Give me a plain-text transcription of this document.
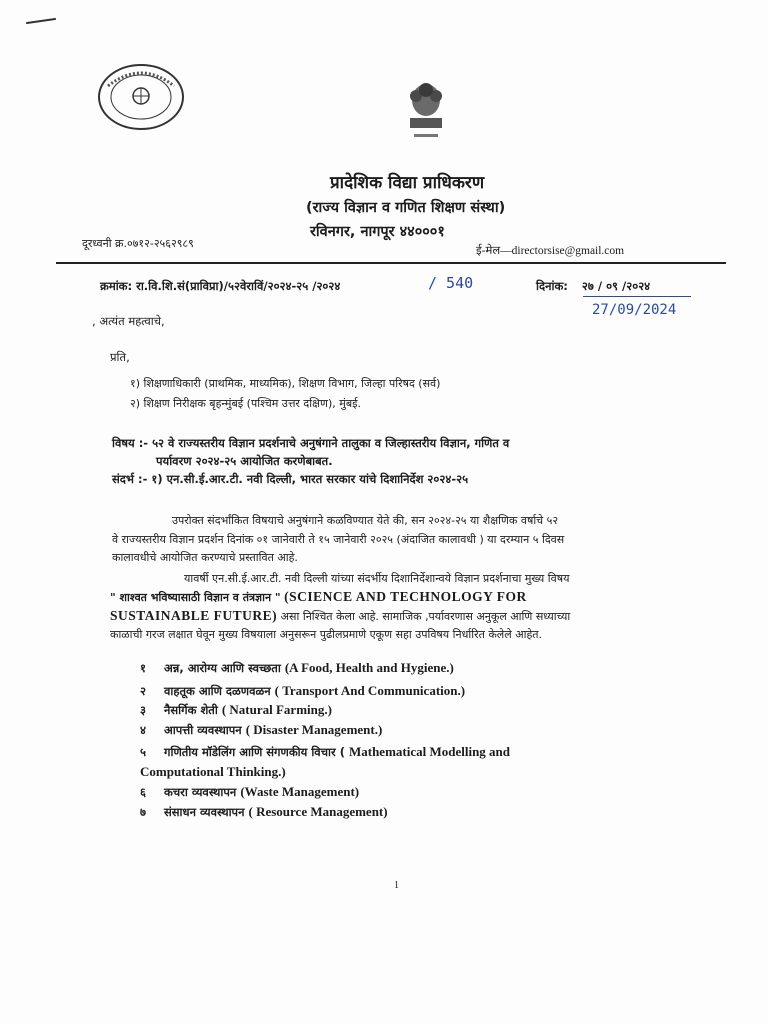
प्रादेशिक विद्या प्राधिकरण
(राज्य विज्ञान व गणित शिक्षण संस्था)
रविनगर, नागपूर ४४०००१
दूरध्वनी क्र.०७१२-२५६२९८९
ई-मेल—directorsise@gmail.com
क्रमांक: रा.वि.शि.सं(प्राविप्रा)/५२वेराविं/२०२४-२५ /२०२४	/ 540	दिनांक: २७ / ०९ /२०२४
27/09/2024
, अत्यंत महत्वाचे,
प्रति,
१) शिक्षणाधिकारी (प्राथमिक, माध्यमिक), शिक्षण विभाग, जिल्हा परिषद (सर्व)
२) शिक्षण निरीक्षक बृहन्मुंबई (पश्चिम उत्तर दक्षिण), मुंबई.
विषय :- ५२ वे राज्यस्तरीय विज्ञान प्रदर्शनाचे अनुषंगाने तालुका व जिल्हास्तरीय विज्ञान, गणित व
पर्यावरण २०२४-२५ आयोजित करणेबाबत.
संदर्भ :- १) एन.सी.ई.आर.टी. नवी दिल्ली, भारत सरकार यांचे दिशानिर्देश २०२४-२५
उपरोक्त संदर्भांकित विषयाचे अनुषंगाने कळविण्यात येते की, सन २०२४-२५ या शैक्षणिक वर्षाचे ५२
वे राज्यस्तरीय विज्ञान प्रदर्शन दिनांक ०१ जानेवारी ते १५ जानेवारी २०२५ (अंदाजित कालावधी ) या दरम्यान ५ दिवस
कालावधीचे आयोजित करण्याचे प्रस्तावित आहे.
यावर्षी एन.सी.ई.आर.टी. नवी दिल्ली यांच्या संदर्भीय दिशानिर्देशान्वये विज्ञान प्रदर्शनाचा मुख्य विषय
" शाश्वत भविष्यासाठी विज्ञान व तंत्रज्ञान " (SCIENCE AND TECHNOLOGY FOR
SUSTAINABLE FUTURE) असा निश्चित केला आहे. सामाजिक ,पर्यावरणास अनुकूल आणि सध्याच्या
काळाची गरज लक्षात घेवून मुख्य विषयाला अनुसरून पुढीलप्रमाणे एकूण सहा उपविषय निर्धारित केलेले आहेत.
१ अन्न, आरोग्य आणि स्वच्छता (A Food, Health and Hygiene.)
२ वाहतूक आणि दळणवळन ( Transport And Communication.)
३ नैसर्गिक शेती ( Natural Farming.)
४ आपत्ती व्यवस्थापन ( Disaster Management.)
५ गणितीय मॉडेलिंग आणि संगणकीय विचार ( Mathematical Modelling and
Computational Thinking.)
६ कचरा व्यवस्थापन (Waste Management)
७ संसाधन व्यवस्थापन ( Resource Management)
1
